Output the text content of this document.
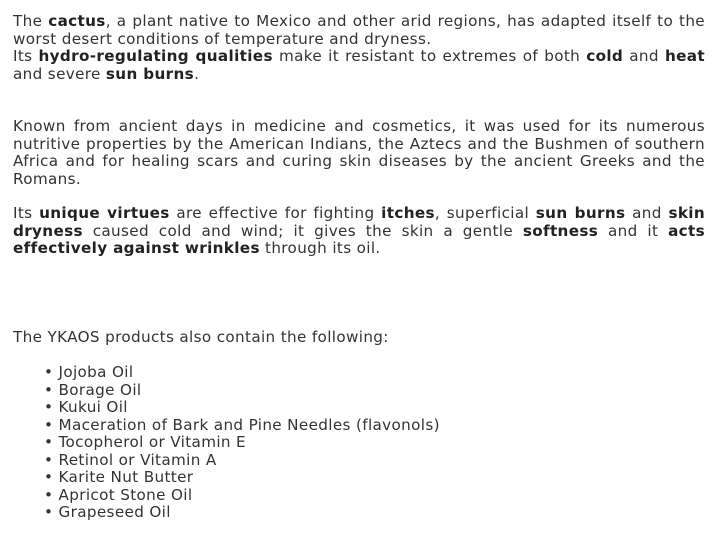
The cactus, a plant native to Mexico and other arid regions, has adapted itself to the worst desert conditions of temperature and dryness.
Its hydro-regulating qualities make it resistant to extremes of both cold and heat and severe sun burns.

Known from ancient days in medicine and cosmetics, it was used for its numerous nutritive properties by the American Indians, the Aztecs and the Bushmen of southern Africa and for healing scars and curing skin diseases by the ancient Greeks and the Romans.

Its unique virtues are effective for fighting itches, superficial sun burns and skin dryness caused cold and wind; it gives the skin a gentle softness and it acts effectively against wrinkles through its oil.

The YKAOS products also contain the following:

• Jojoba Oil
• Borage Oil
• Kukui Oil
• Maceration of Bark and Pine Needles (flavonols)
• Tocopherol or Vitamin E
• Retinol or Vitamin A
• Karite Nut Butter
• Apricot Stone Oil
• Grapeseed Oil
